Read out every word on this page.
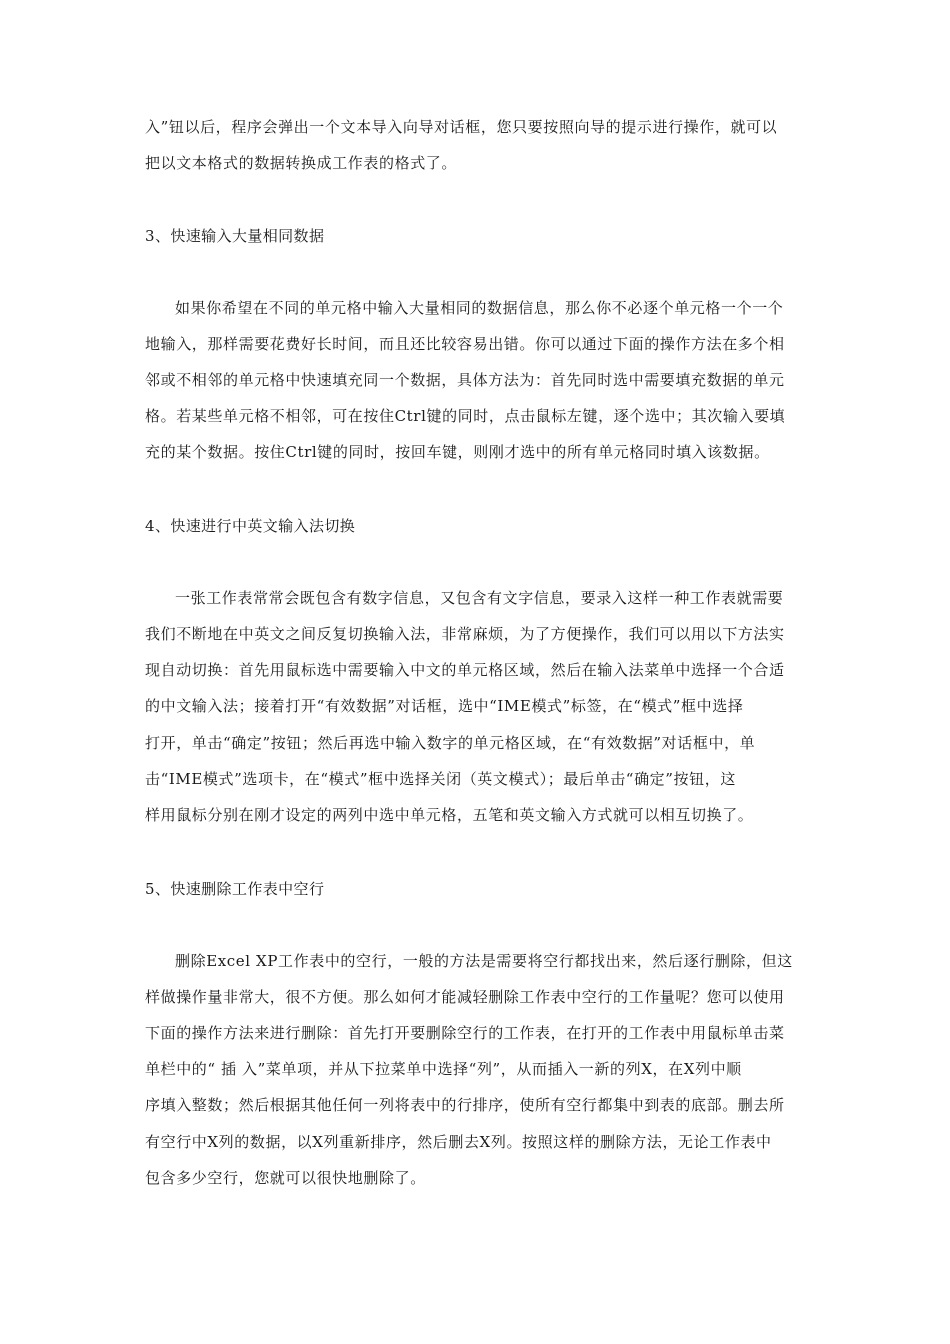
入”钮以后，程序会弹出一个文本导入向导对话框，您只要按照向导的提示进行操作，就可以
把以文本格式的数据转换成工作表的格式了。
3、快速输入大量相同数据
如果你希望在不同的单元格中输入大量相同的数据信息，那么你不必逐个单元格一个一个
地输入，那样需要花费好长时间，而且还比较容易出错。你可以通过下面的操作方法在多个相
邻或不相邻的单元格中快速填充同一个数据，具体方法为：首先同时选中需要填充数据的单元
格。若某些单元格不相邻，可在按住Ctrl键的同时，点击鼠标左键，逐个选中；其次输入要填
充的某个数据。按住Ctrl键的同时，按回车键，则刚才选中的所有单元格同时填入该数据。
4、快速进行中英文输入法切换
一张工作表常常会既包含有数字信息，又包含有文字信息，要录入这样一种工作表就需要
我们不断地在中英文之间反复切换输入法，非常麻烦，为了方便操作，我们可以用以下方法实
现自动切换：首先用鼠标选中需要输入中文的单元格区域，然后在输入法菜单中选择一个合适
的中文输入法；接着打开“有效数据”对话框，选中“IME模式”标签，在“模式”框中选择
打开，单击“确定”按钮；然后再选中输入数字的单元格区域，在“有效数据”对话框中，单
击“IME模式”选项卡，在“模式”框中选择关闭（英文模式）；最后单击“确定”按钮，这
样用鼠标分别在刚才设定的两列中选中单元格，五笔和英文输入方式就可以相互切换了。
5、快速删除工作表中空行
删除Excel XP工作表中的空行，一般的方法是需要将空行都找出来，然后逐行删除，但这
样做操作量非常大，很不方便。那么如何才能减轻删除工作表中空行的工作量呢？您可以使用
下面的操作方法来进行删除：首先打开要删除空行的工作表，在打开的工作表中用鼠标单击菜
单栏中的“ 插 入”菜单项，并从下拉菜单中选择“列”，从而插入一新的列X，在X列中顺
序填入整数；然后根据其他任何一列将表中的行排序，使所有空行都集中到表的底部。删去所
有空行中X列的数据，以X列重新排序，然后删去X列。按照这样的删除方法，无论工作表中
包含多少空行，您就可以很快地删除了。
